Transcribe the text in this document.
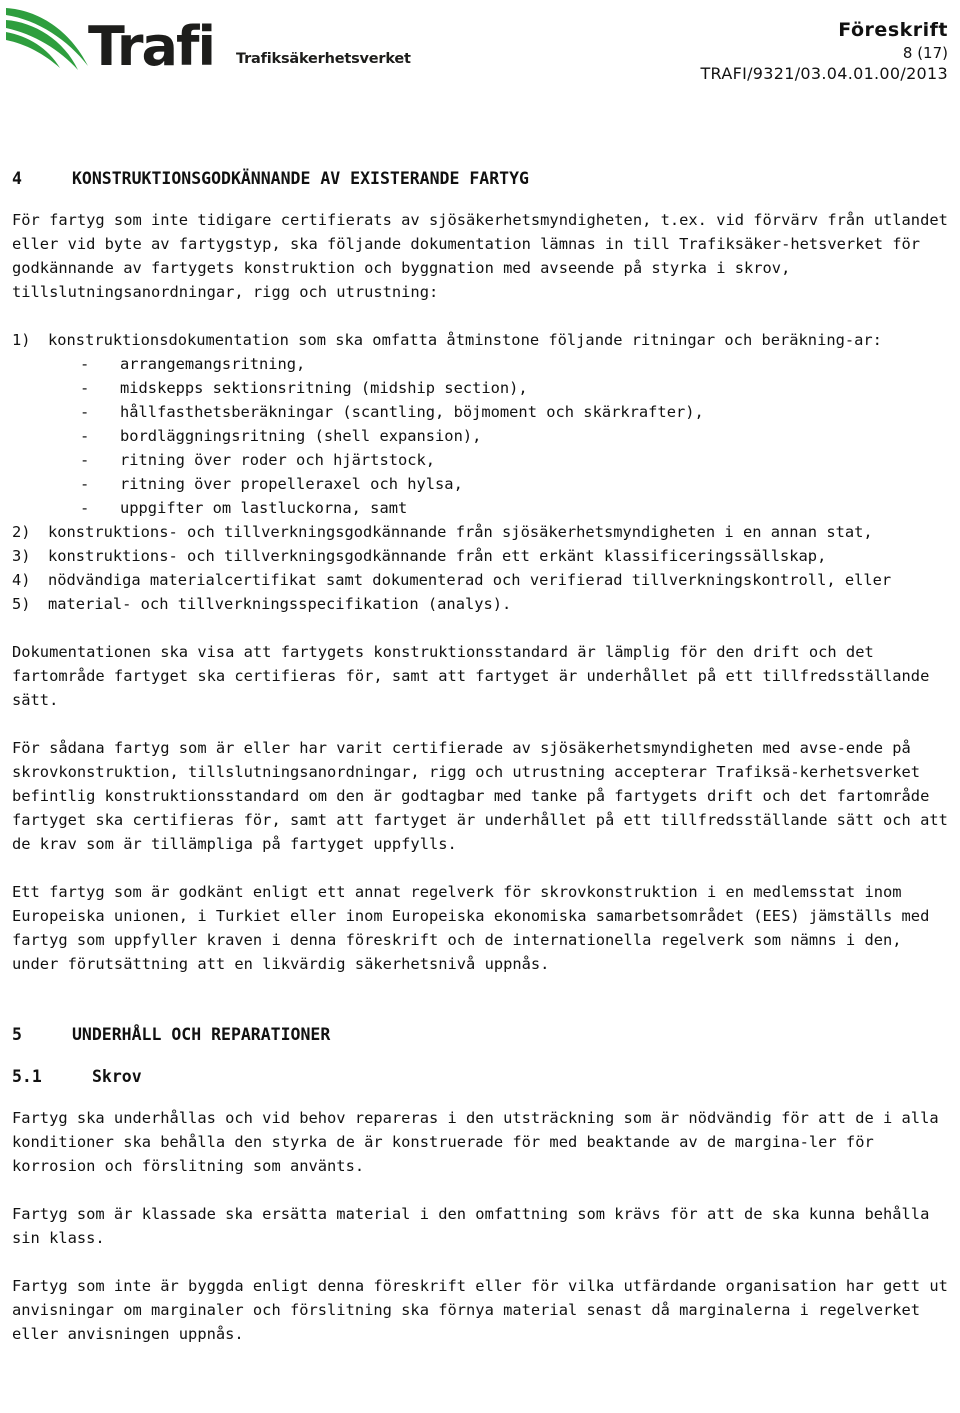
Trafi Trafiksäkerhetsverket
Föreskrift
8 (17)
TRAFI/9321/03.04.01.00/2013
4	KONSTRUKTIONSGODKÄNNANDE AV EXISTERANDE FARTYG
För fartyg som inte tidigare certifierats av sjösäkerhetsmyndigheten, t.ex. vid förvärv från utlandet eller vid byte av fartygstyp, ska följande dokumentation lämnas in till Trafiksäker-hetsverket för godkännande av fartygets konstruktion och byggnation med avseende på styrka i skrov, tillslutningsanordningar, rigg och utrustning:
1)	konstruktionsdokumentation som ska omfatta åtminstone följande ritningar och beräkning-ar:
-	arrangemangsritning,
-	midskepps sektionsritning (midship section),
-	hållfasthetsberäkningar (scantling, böjmoment och skärkrafter),
-	bordläggningsritning (shell expansion),
-	ritning över roder och hjärtstock,
-	ritning över propelleraxel och hylsa,
-	uppgifter om lastluckorna, samt
2)	konstruktions- och tillverkningsgodkännande från sjösäkerhetsmyndigheten i en annan stat,
3)	konstruktions- och tillverkningsgodkännande från ett erkänt klassificeringssällskap,
4)	nödvändiga materialcertifikat samt dokumenterad och verifierad tillverkningskontroll, eller
5)	material- och tillverkningsspecifikation (analys).
Dokumentationen ska visa att fartygets konstruktionsstandard är lämplig för den drift och det fartområde fartyget ska certifieras för, samt att fartyget är underhållet på ett tillfredsställande sätt.
För sådana fartyg som är eller har varit certifierade av sjösäkerhetsmyndigheten med avse-ende på skrovkonstruktion, tillslutningsanordningar, rigg och utrustning accepterar Trafiksä-kerhetsverket befintlig konstruktionsstandard om den är godtagbar med tanke på fartygets drift och det fartområde fartyget ska certifieras för, samt att fartyget är underhållet på ett tillfredsställande sätt och att de krav som är tillämpliga på fartyget uppfylls.
Ett fartyg som är godkänt enligt ett annat regelverk för skrovkonstruktion i en medlemsstat inom Europeiska unionen, i Turkiet eller inom Europeiska ekonomiska samarbetsområdet (EES) jämställs med fartyg som uppfyller kraven i denna föreskrift och de internationella regelverk som nämns i den, under förutsättning att en likvärdig säkerhetsnivå uppnås.
5	UNDERHÅLL OCH REPARATIONER
5.1	Skrov
Fartyg ska underhållas och vid behov repareras i den utsträckning som är nödvändig för att de i alla konditioner ska behålla den styrka de är konstruerade för med beaktande av de margina-ler för korrosion och förslitning som använts.
Fartyg som är klassade ska ersätta material i den omfattning som krävs för att de ska kunna behålla sin klass.
Fartyg som inte är byggda enligt denna föreskrift eller för vilka utfärdande organisation har gett ut anvisningar om marginaler och förslitning ska förnya material senast då marginalerna i regelverket eller anvisningen uppnås.
